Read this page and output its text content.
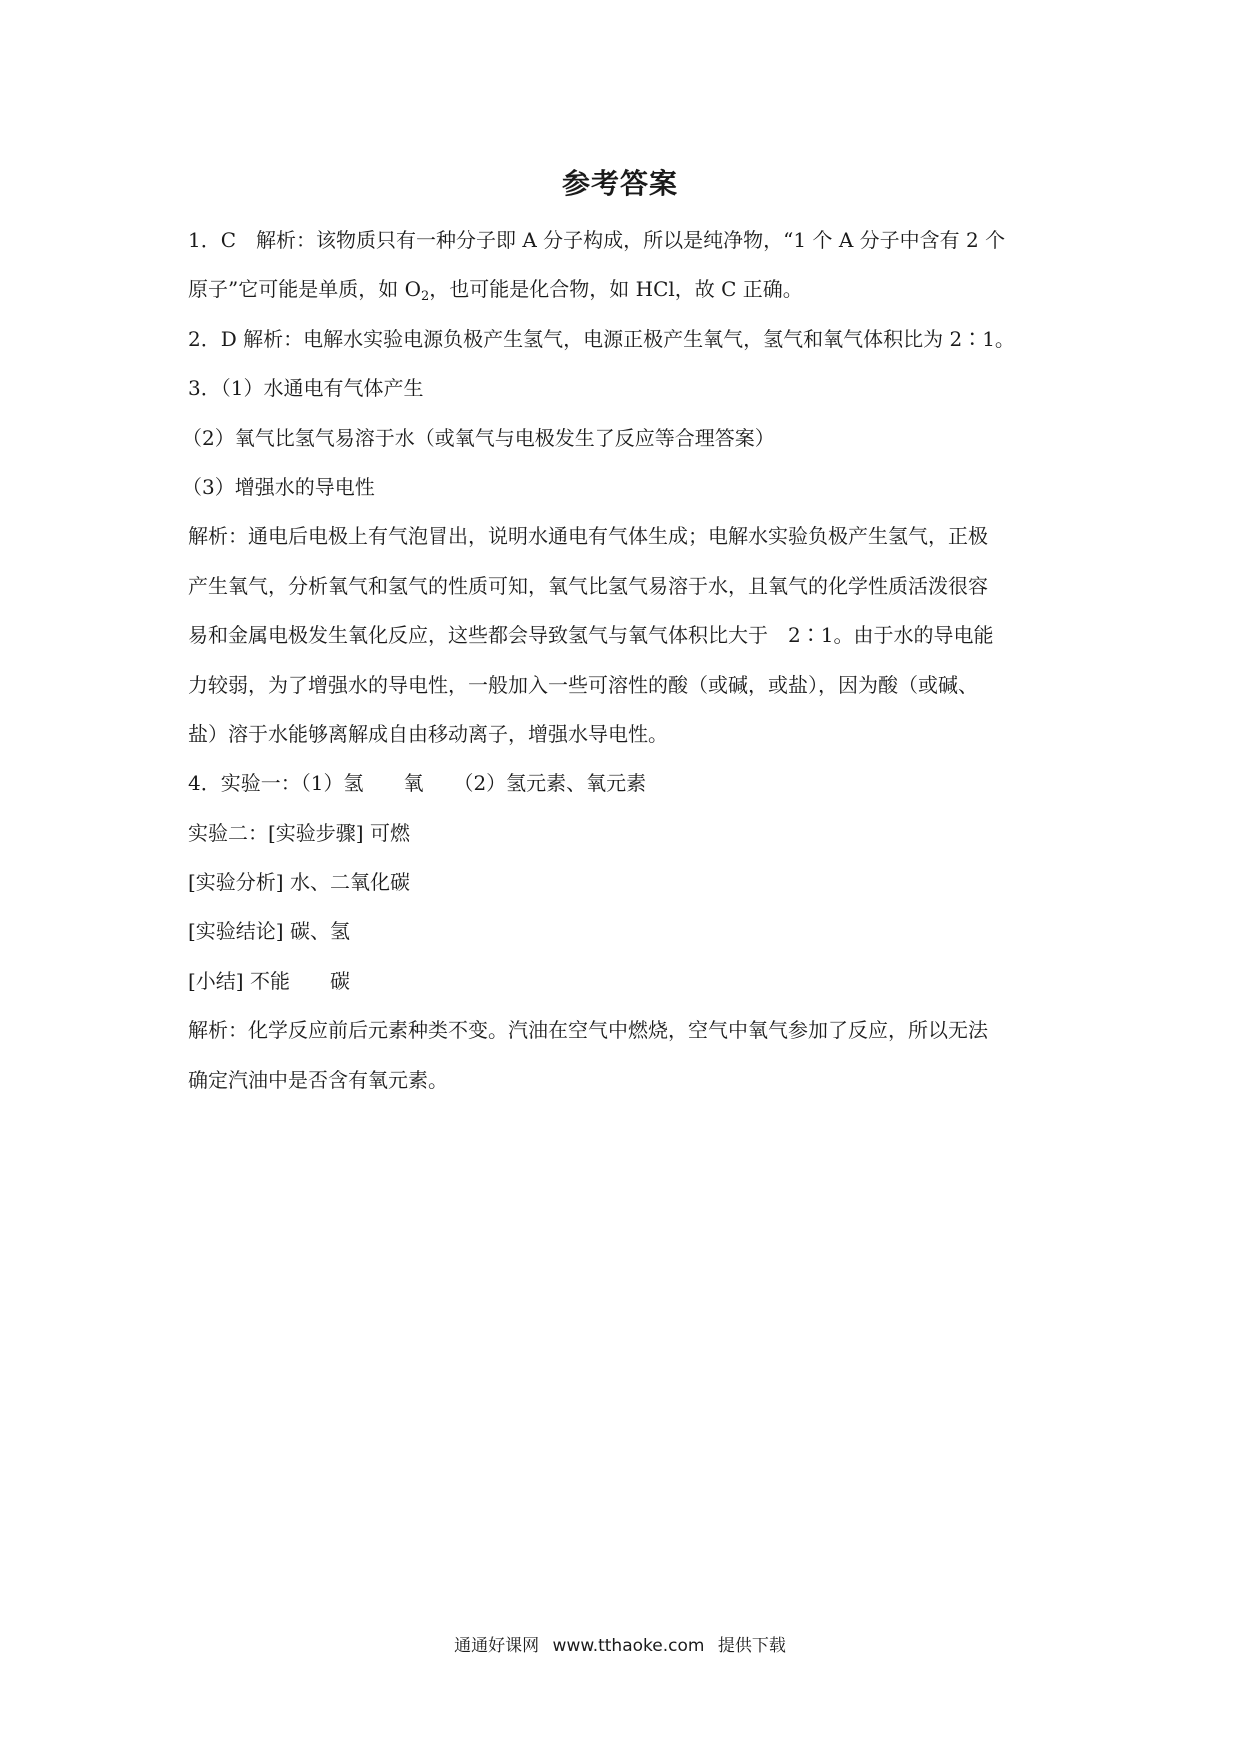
参考答案
1．C　解析：该物质只有一种分子即 A 分子构成，所以是纯净物，“1 个 A 分子中含有 2 个
原子”它可能是单质，如 $O_2$，也可能是化合物，如 HCl，故 C 正确。
2．D 解析：电解水实验电源负极产生氢气，电源正极产生氧气，氢气和氧气体积比为 2∶1。
3．（1）水通电有气体产生
（2）氧气比氢气易溶于水（或氧气与电极发生了反应等合理答案）
（3）增强水的导电性
解析：通电后电极上有气泡冒出，说明水通电有气体生成；电解水实验负极产生氢气，正极
产生氧气，分析氧气和氢气的性质可知，氧气比氢气易溶于水，且氧气的化学性质活泼很容
易和金属电极发生氧化反应，这些都会导致氢气与氧气体积比大于　2∶1。由于水的导电能
力较弱，为了增强水的导电性，一般加入一些可溶性的酸（或碱，或盐），因为酸（或碱、
盐）溶于水能够离解成自由移动离子，增强水导电性。
4．实验一：（1）氢　　氧　　（2）氢元素、氧元素
实验二：[实验步骤] 可燃
[实验分析] 水、二氧化碳
[实验结论] 碳、氢
[小结] 不能　　碳
解析：化学反应前后元素种类不变。汽油在空气中燃烧，空气中氧气参加了反应，所以无法
确定汽油中是否含有氧元素。
通通好课网 www.tthaoke.com 提供下载
